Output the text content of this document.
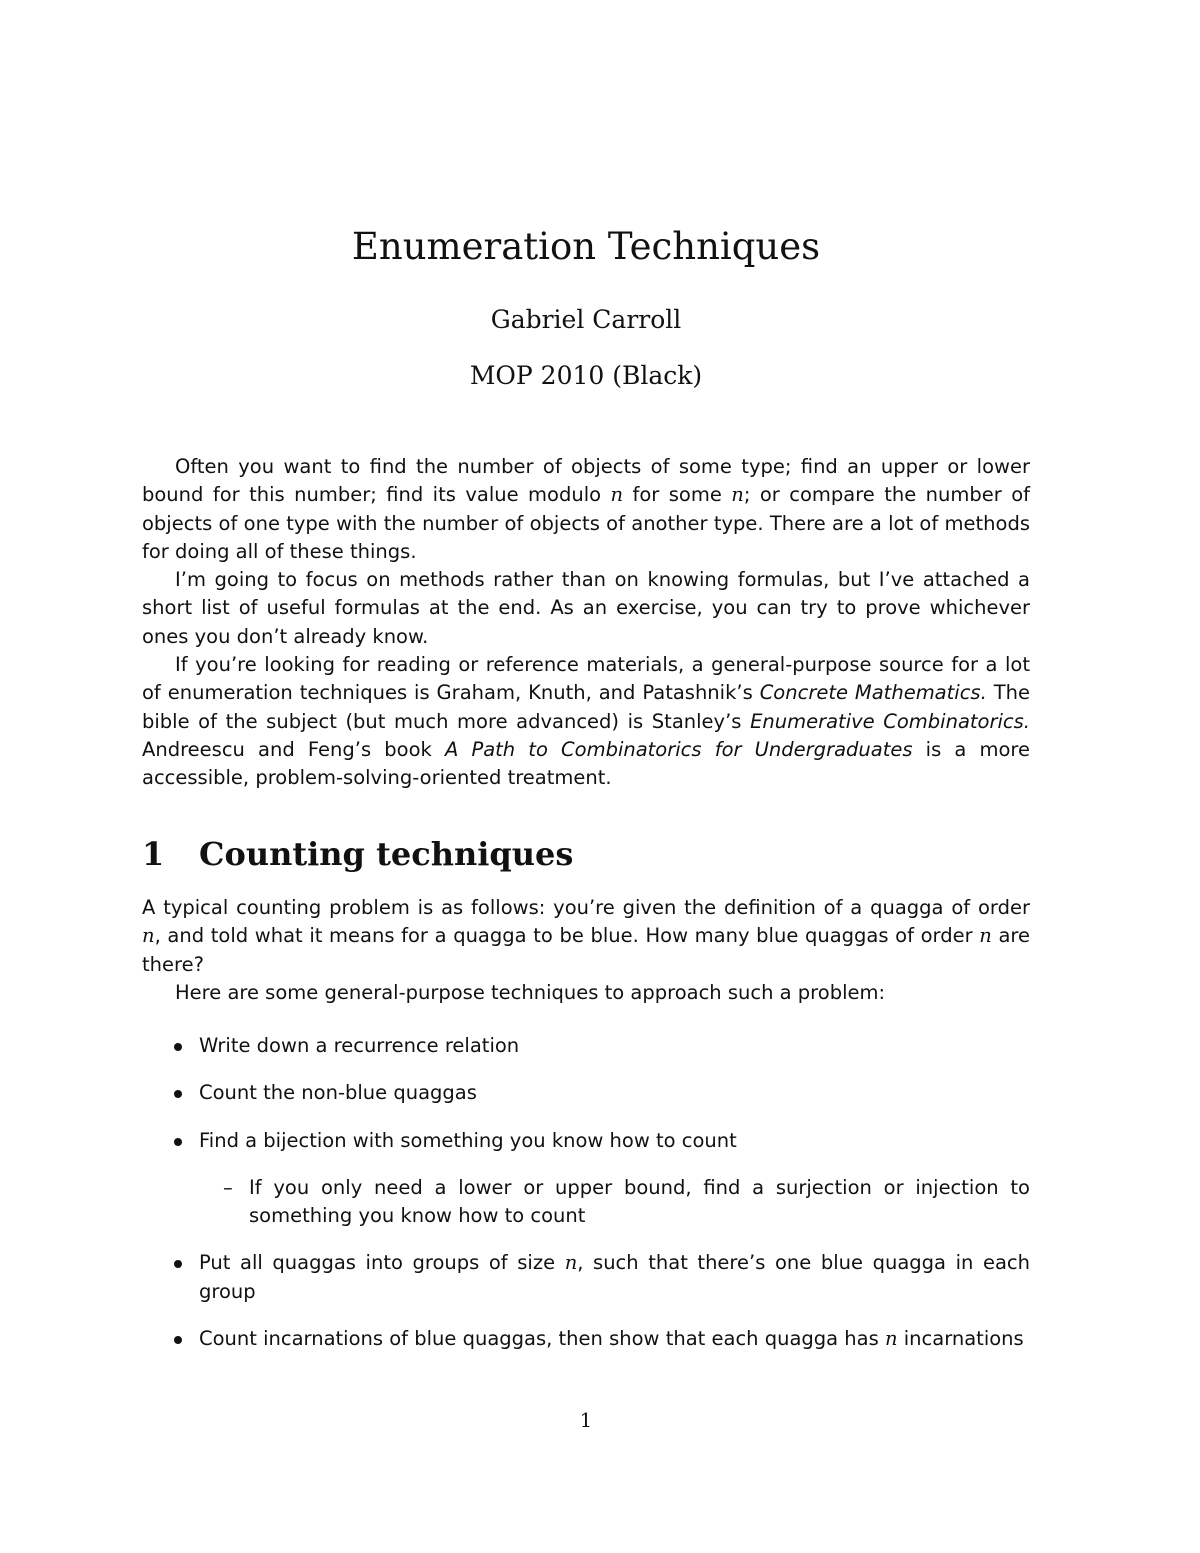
Enumeration Techniques

Gabriel Carroll

MOP 2010 (Black)

Often you want to find the number of objects of some type; find an upper or lower bound for this number; find its value modulo n for some n; or compare the number of objects of one type with the number of objects of another type. There are a lot of methods for doing all of these things.

I’m going to focus on methods rather than on knowing formulas, but I’ve attached a short list of useful formulas at the end. As an exercise, you can try to prove whichever ones you don’t already know.

If you’re looking for reading or reference materials, a general-purpose source for a lot of enumeration techniques is Graham, Knuth, and Patashnik’s Concrete Mathematics. The bible of the subject (but much more advanced) is Stanley’s Enumerative Combinatorics. Andreescu and Feng’s book A Path to Combinatorics for Undergraduates is a more accessible, problem-solving-oriented treatment.

1 Counting techniques

A typical counting problem is as follows: you’re given the definition of a quagga of order n, and told what it means for a quagga to be blue. How many blue quaggas of order n are there?

Here are some general-purpose techniques to approach such a problem:

Write down a recurrence relation
Count the non-blue quaggas
Find a bijection with something you know how to count
– If you only need a lower or upper bound, find a surjection or injection to something you know how to count
Put all quaggas into groups of size n, such that there’s one blue quagga in each group
Count incarnations of blue quaggas, then show that each quagga has n incarnations

1
